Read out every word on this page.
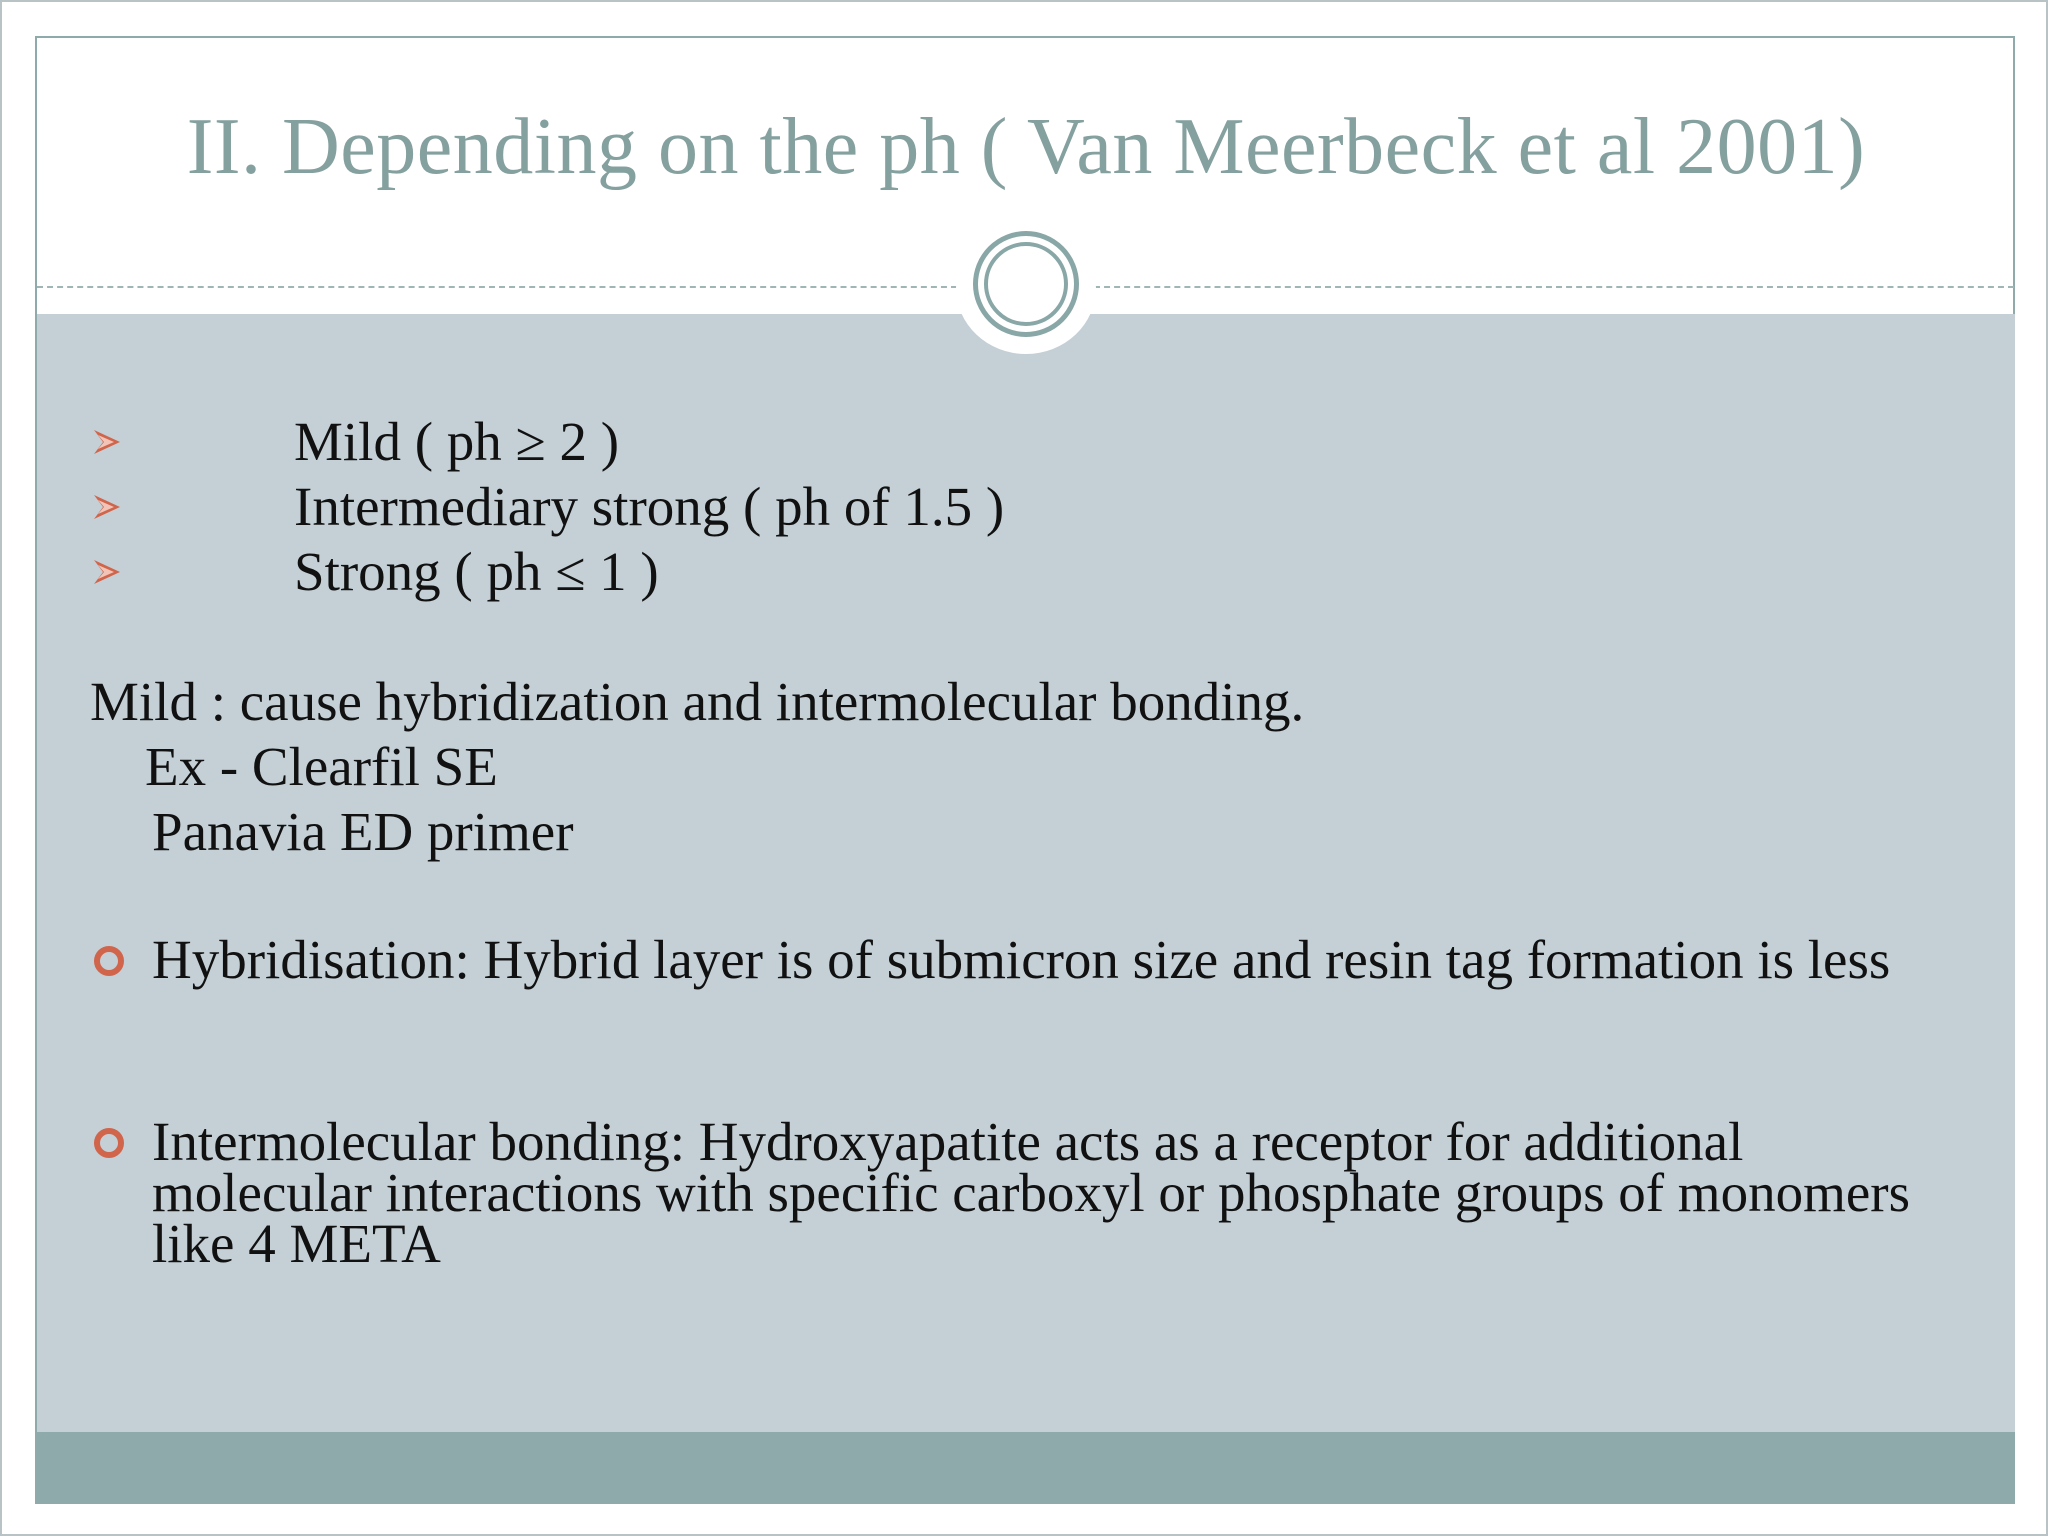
II. Depending on the ph ( Van Meerbeck et al 2001)
Mild ( ph ≥ 2 )
Intermediary strong ( ph of 1.5 )
Strong ( ph ≤ 1 )
Mild : cause hybridization and intermolecular bonding.
Ex - Clearfil SE
Panavia ED primer

Hybridisation: Hybrid layer is of submicron size and resin tag formation is less

Intermolecular bonding: Hydroxyapatite acts as a receptor for additional molecular interactions with specific carboxyl or phosphate groups of monomers like 4 META
